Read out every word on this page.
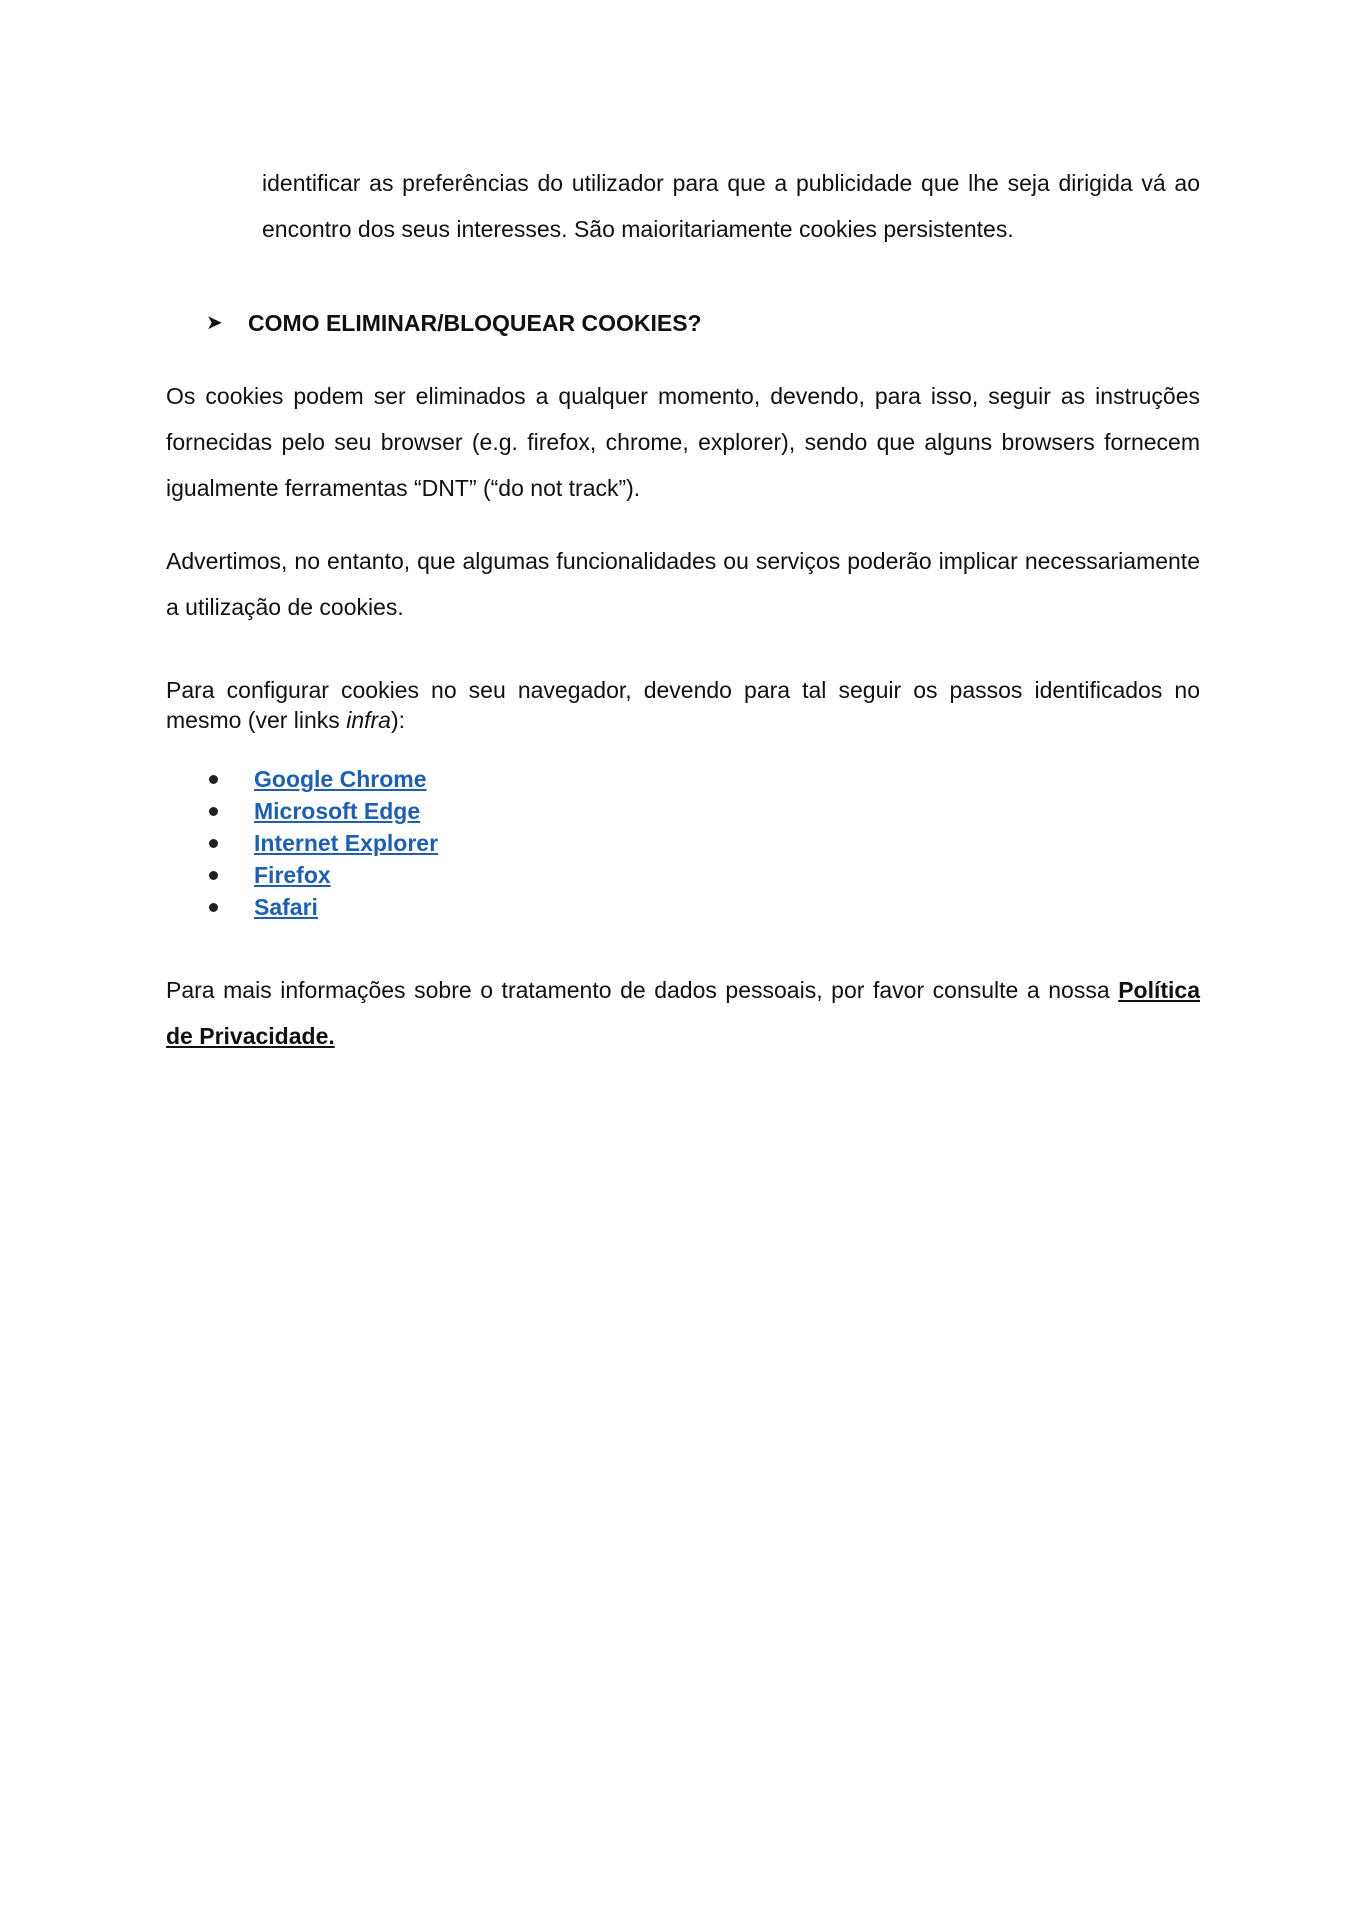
identificar as preferências do utilizador para que a publicidade que lhe seja dirigida vá ao encontro dos seus interesses. São maioritariamente cookies persistentes.

➤	COMO ELIMINAR/BLOQUEAR COOKIES?

Os cookies podem ser eliminados a qualquer momento, devendo, para isso, seguir as instruções fornecidas pelo seu browser (e.g. firefox, chrome, explorer), sendo que alguns browsers fornecem igualmente ferramentas “DNT” (“do not track”).

Advertimos, no entanto, que algumas funcionalidades ou serviços poderão implicar necessariamente a utilização de cookies.

Para configurar cookies no seu navegador, devendo para tal seguir os passos identificados no mesmo (ver links infra):

Google Chrome
Microsoft Edge
Internet Explorer
Firefox
Safari

Para mais informações sobre o tratamento de dados pessoais, por favor consulte a nossa Política de Privacidade.
